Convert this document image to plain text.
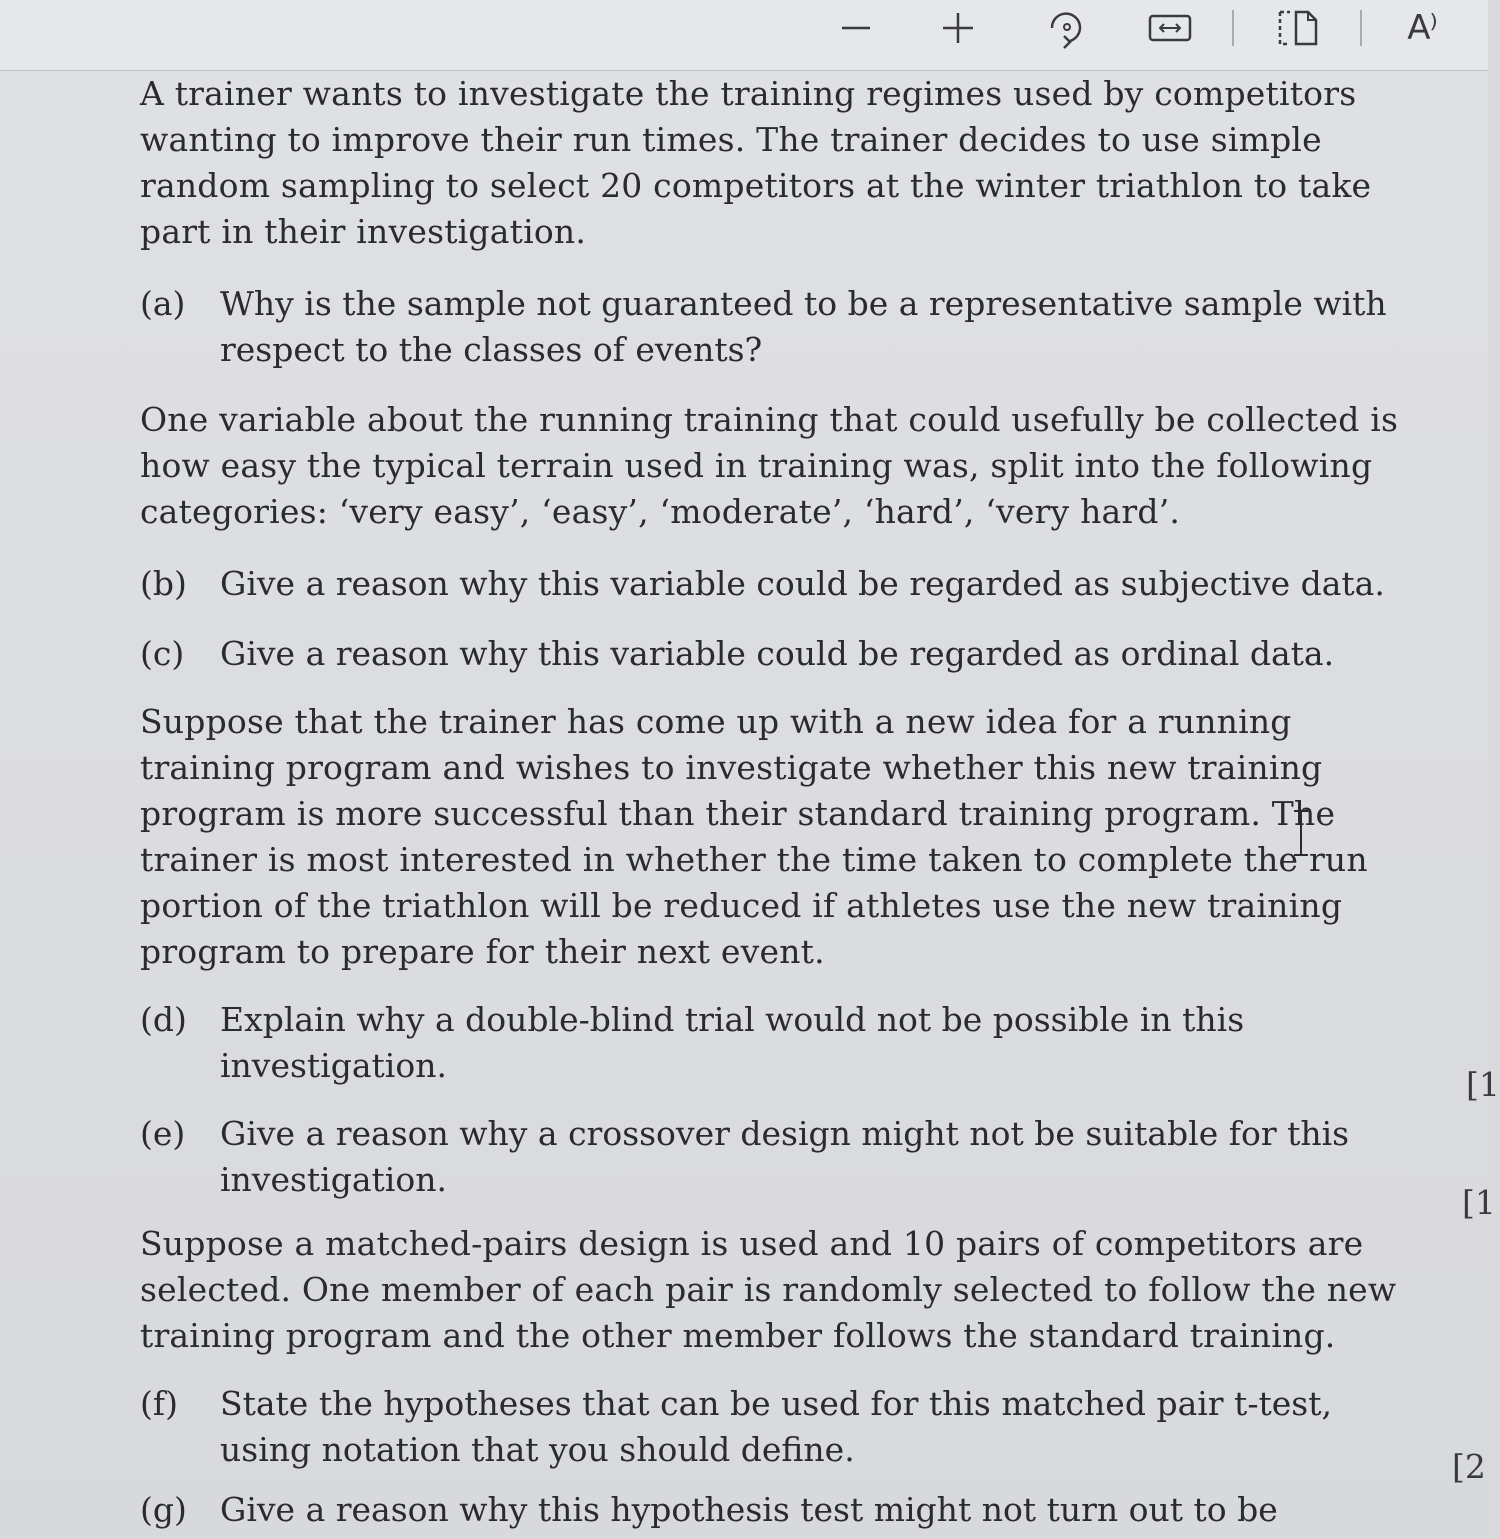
A⁾

A trainer wants to investigate the training regimes used by competitors wanting to improve their run times. The trainer decides to use simple random sampling to select 20 competitors at the winter triathlon to take part in their investigation.

(a)	Why is the sample not guaranteed to be a representative sample with respect to the classes of events?

One variable about the running training that could usefully be collected is how easy the typical terrain used in training was, split into the following categories: ‘very easy’, ‘easy’, ‘moderate’, ‘hard’, ‘very hard’.

(b)	Give a reason why this variable could be regarded as subjective data.
(c)	Give a reason why this variable could be regarded as ordinal data.

Suppose that the trainer has come up with a new idea for a running training program and wishes to investigate whether this new training program is more successful than their standard training program. The trainer is most interested in whether the time taken to complete the run portion of the triathlon will be reduced if athletes use the new training program to prepare for their next event.

(d)	Explain why a double-blind trial would not be possible in this investigation.	[1
(e)	Give a reason why a crossover design might not be suitable for this investigation.
[1

Suppose a matched-pairs design is used and 10 pairs of competitors are selected. One member of each pair is randomly selected to follow the new training program and the other member follows the standard training.

(f)	State the hypotheses that can be used for this matched pair t-test, using notation that you should define.	[2
(g)	Give a reason why this hypothesis test might not turn out to be
